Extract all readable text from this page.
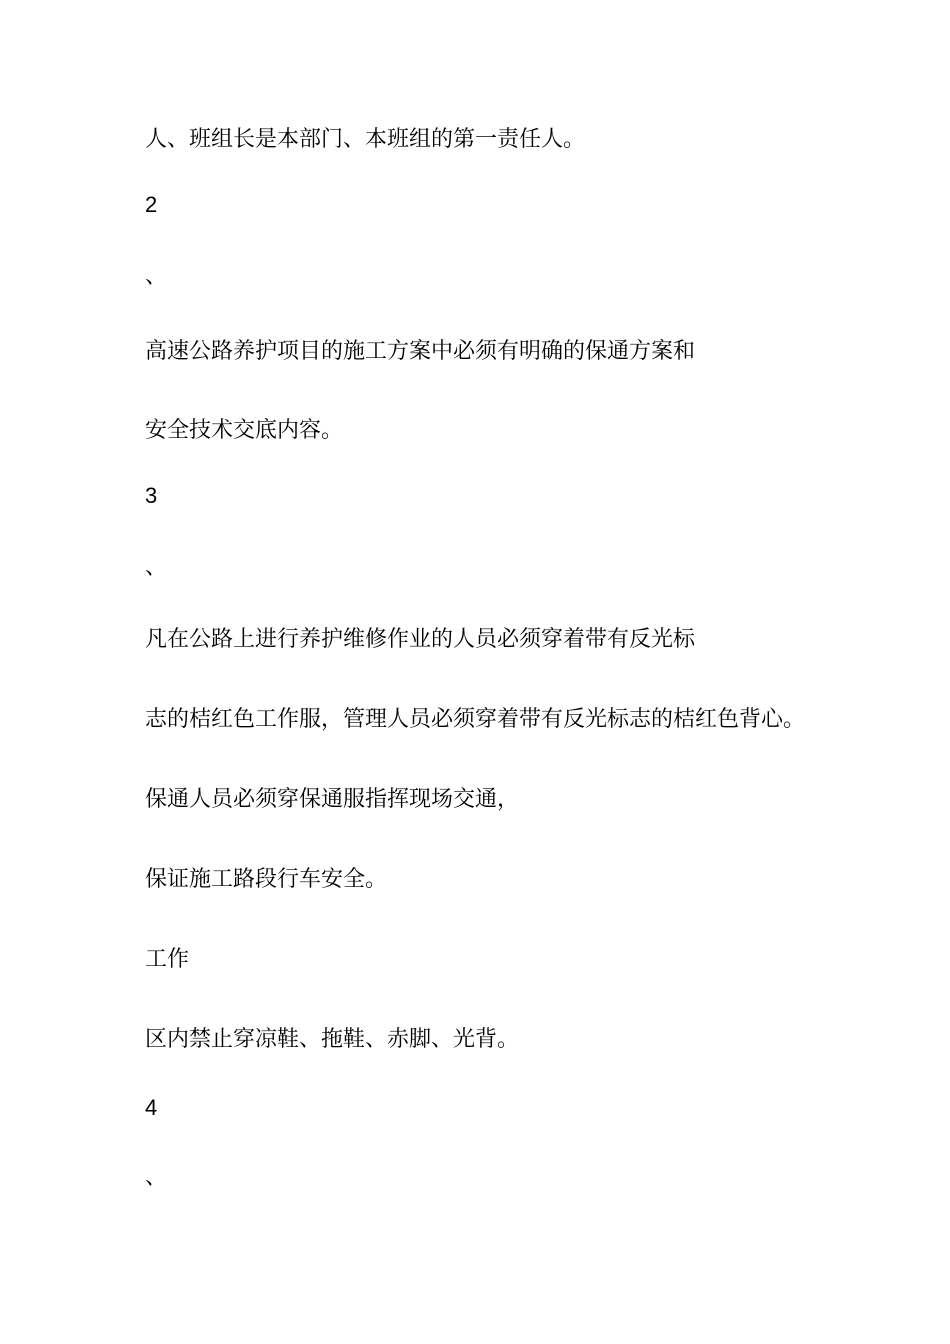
人、班组长是本部门、本班组的第一责任人。
2
、
高速公路养护项目的施工方案中必须有明确的保通方案和
安全技术交底内容。
3
、
凡在公路上进行养护维修作业的人员必须穿着带有反光标
志的桔红色工作服，管理人员必须穿着带有反光标志的桔红色背心。
保通人员必须穿保通服指挥现场交通，
保证施工路段行车安全。
工作
区内禁止穿凉鞋、拖鞋、赤脚、光背。
4
、
